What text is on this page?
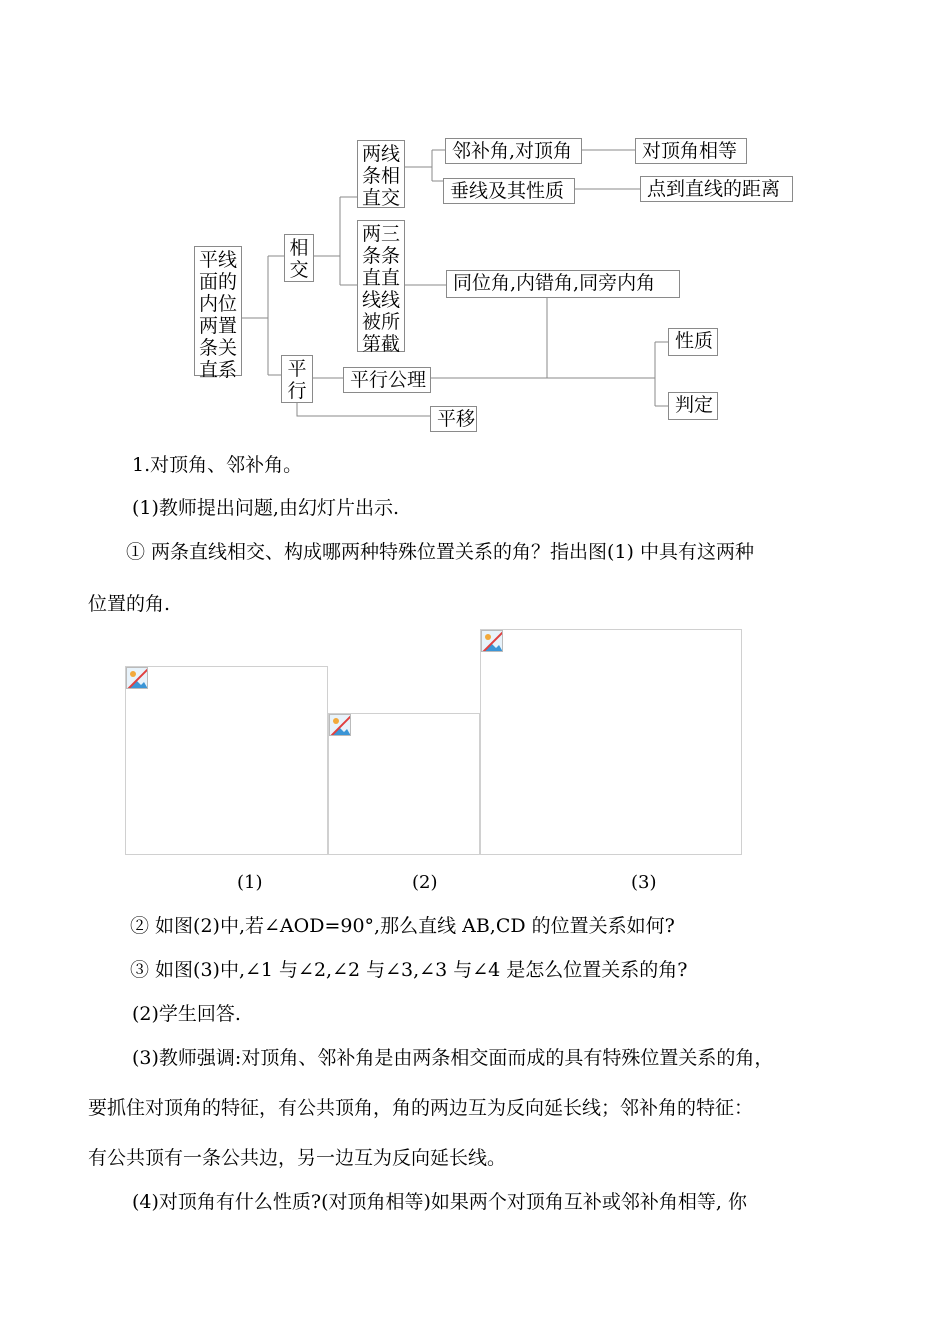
平线
面的
内位
两置
条关
直系
相
交
平
行
两线
条相
直交
两
条
直
线
被
第
三
条
直
线
所
截
邻补角,对顶角	对顶角相等
垂线及其性质	点到直线的距离
同位角,内错角,同旁内角
性质
判定
平行公理
平移
1.对顶角、邻补角。
(1)教师提出问题,由幻灯片出示.
① 两条直线相交、构成哪两种特殊位置关系的角？指出图(1) 中具有这两种
位置的角.
(1)	(2)	(3)
② 如图(2)中,若∠AOD=90°,那么直线 AB,CD 的位置关系如何?
③ 如图(3)中,∠1 与∠2,∠2 与∠3,∠3 与∠4 是怎么位置关系的角?
(2)学生回答.
(3)教师强调:对顶角、邻补角是由两条相交面而成的具有特殊位置关系的角，
要抓住对顶角的特征，有公共顶角，角的两边互为反向延长线；邻补角的特征：
有公共顶有一条公共边，另一边互为反向延长线。
(4)对顶角有什么性质?(对顶角相等)如果两个对顶角互补或邻补角相等, 你
